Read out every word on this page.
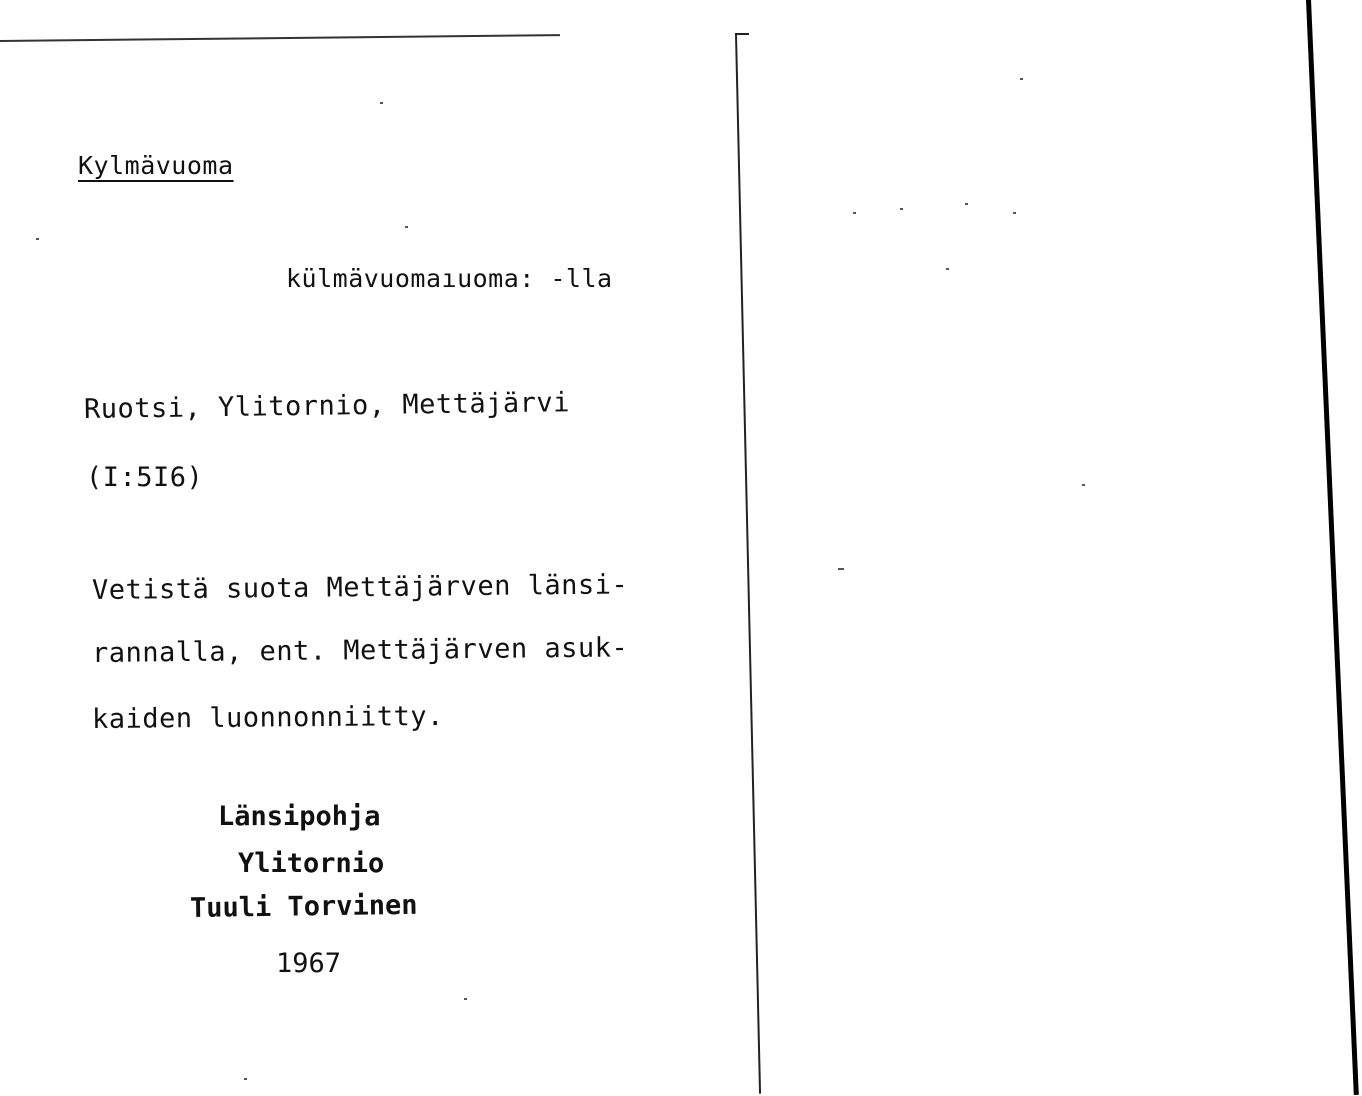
Kylmävuoma
külmävuomaıuoma: -lla
Ruotsi, Ylitornio, Mettäjärvi
(I:5I6)
Vetistä suota Mettäjärven länsi-
rannalla, ent. Mettäjärven asuk-
kaiden luonnonniitty.
Länsipohja
Ylitornio
Tuuli Torvinen
1967
